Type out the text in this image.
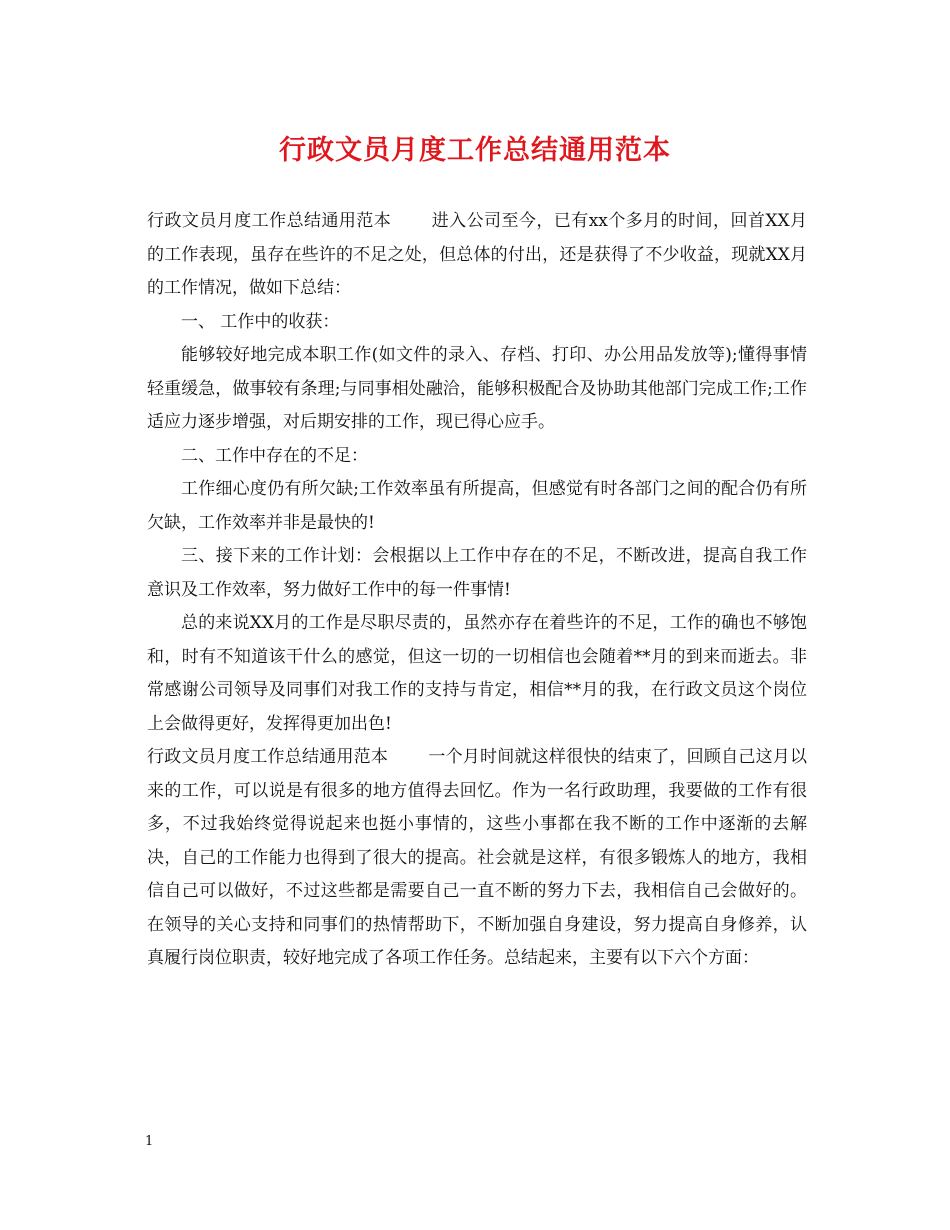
行政文员月度工作总结通用范本

行政文员月度工作总结通用范本 进入公司至今，已有xx个多月的时间，回首XX月的工作表现，虽存在些许的不足之处，但总体的付出，还是获得了不少收益，现就XX月的工作情况，做如下总结：

一、 工作中的收获：

能够较好地完成本职工作(如文件的录入、存档、打印、办公用品发放等);懂得事情轻重缓急，做事较有条理;与同事相处融洽，能够积极配合及协助其他部门完成工作;工作适应力逐步增强，对后期安排的工作，现已得心应手。

二、工作中存在的不足：

工作细心度仍有所欠缺;工作效率虽有所提高，但感觉有时各部门之间的配合仍有所欠缺，工作效率并非是最快的!

三、接下来的工作计划：会根据以上工作中存在的不足，不断改进，提高自我工作意识及工作效率，努力做好工作中的每一件事情!

总的来说XX月的工作是尽职尽责的，虽然亦存在着些许的不足，工作的确也不够饱和，时有不知道该干什么的感觉，但这一切的一切相信也会随着**月的到来而逝去。非常感谢公司领导及同事们对我工作的支持与肯定，相信**月的我，在行政文员这个岗位上会做得更好，发挥得更加出色!

行政文员月度工作总结通用范本 一个月时间就这样很快的结束了，回顾自己这月以来的工作，可以说是有很多的地方值得去回忆。作为一名行政助理，我要做的工作有很多，不过我始终觉得说起来也挺小事情的，这些小事都在我不断的工作中逐渐的去解决，自己的工作能力也得到了很大的提高。社会就是这样，有很多锻炼人的地方，我相信自己可以做好，不过这些都是需要自己一直不断的努力下去，我相信自己会做好的。在领导的关心支持和同事们的热情帮助下，不断加强自身建设，努力提高自身修养，认真履行岗位职责，较好地完成了各项工作任务。总结起来，主要有以下六个方面：

1
